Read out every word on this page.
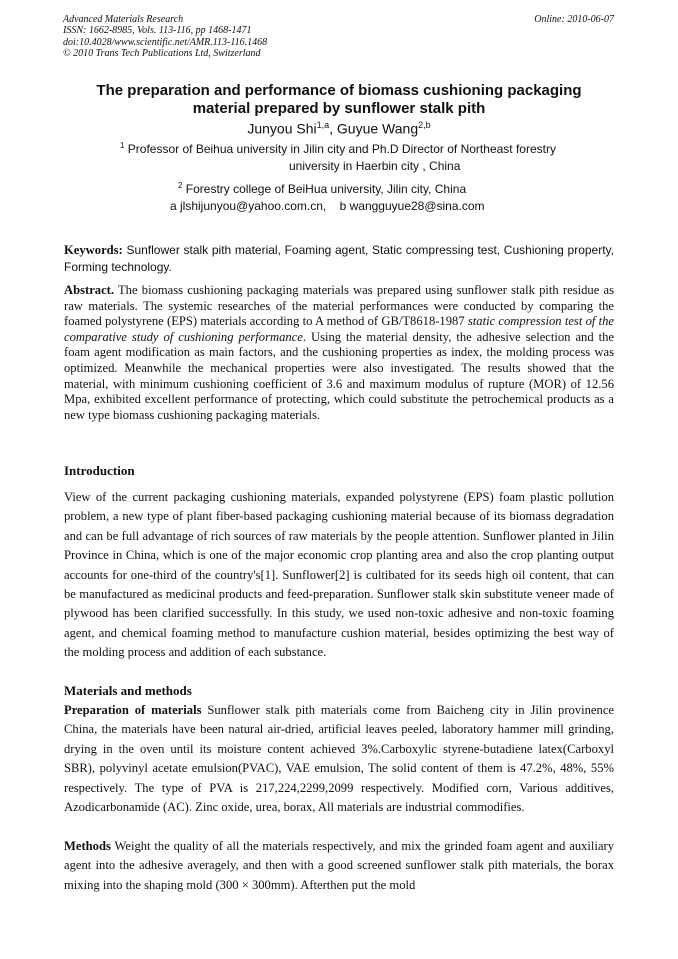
Advanced Materials Research
ISSN: 1662-8985, Vols. 113-116, pp 1468-1471
doi:10.4028/www.scientific.net/AMR.113-116.1468
© 2010 Trans Tech Publications Ltd, Switzerland
Online: 2010-06-07
The preparation and performance of biomass cushioning packaging
material prepared by sunflower stalk pith
Junyou Shi$^{1,a}$, Guyue Wang$^{2,b}$
$^1$ Professor of Beihua university in Jilin city and Ph.D Director of Northeast forestry
university in Haerbin city , China
$^2$ Forestry college of BeiHua university, Jilin city, China
a jlshijunyou@yahoo.com.cn,    b wangguyue28@sina.com
Keywords: Sunflower stalk pith material, Foaming agent, Static compressing test, Cushioning property, Forming technology.
Abstract. The biomass cushioning packaging materials was prepared using sunflower stalk pith residue as raw materials. The systemic researches of the material performances were conducted by comparing the foamed polystyrene (EPS) materials according to A method of GB/T8618-1987 static compression test of the comparative study of cushioning performance. Using the material density, the adhesive selection and the foam agent modification as main factors, and the cushioning properties as index, the molding process was optimized. Meanwhile the mechanical properties were also investigated. The results showed that the material, with minimum cushioning coefficient of 3.6 and maximum modulus of rupture (MOR) of 12.56 Mpa, exhibited excellent performance of protecting, which could substitute the petrochemical products as a new type biomass cushioning packaging materials.
Introduction
View of the current packaging cushioning materials, expanded polystyrene (EPS) foam plastic pollution problem, a new type of plant fiber-based packaging cushioning material because of its biomass degradation and can be full advantage of rich sources of raw materials by the people attention. Sunflower planted in Jilin Province in China, which is one of the major economic crop planting area and also the crop planting output accounts for one-third of the country's[1]. Sunflower[2] is cultibated for its seeds high oil content, that can be manufactured as medicinal products and feed-preparation. Sunflower stalk skin substitute veneer made of plywood has been clarified successfully. In this study, we used non-toxic adhesive and non-toxic foaming agent, and chemical foaming method to manufacture cushion material, besides optimizing the best way of the molding process and addition of each substance.
Materials and methods
Preparation of materials Sunflower stalk pith materials come from Baicheng city in Jilin provinence China, the materials have been natural air-dried, artificial leaves peeled, laboratory hammer mill grinding, drying in the oven until its moisture content achieved 3%.Carboxylic styrene-butadiene latex(Carboxyl SBR), polyvinyl acetate emulsion(PVAC), VAE emulsion, The solid content of them is 47.2%, 48%, 55% respectively. The type of PVA is 217,224,2299,2099 respectively. Modified corn, Various additives, Azodicarbonamide (AC). Zinc oxide, urea, borax, All materials are industrial commodifies.
Methods Weight the quality of all the materials respectively, and mix the grinded foam agent and auxiliary agent into the adhesive averagely, and then with a good screened sunflower stalk pith materials, the borax mixing into the shaping mold (300 × 300mm). Afterthen put the mold
